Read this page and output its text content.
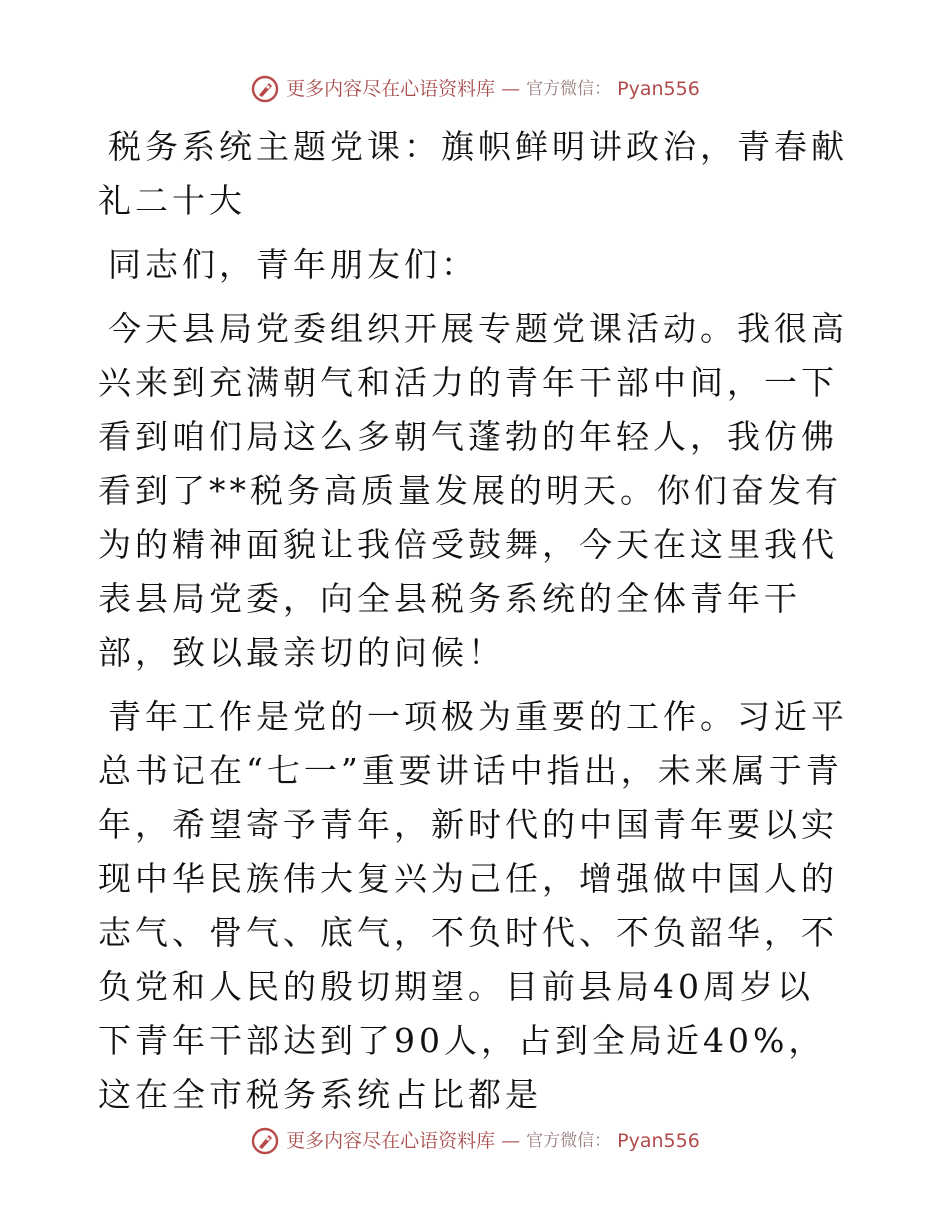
更多内容尽在心语资料库 — 官方微信： Pyan556

税务系统主题党课：旗帜鲜明讲政治，青春献礼二十大

同志们，青年朋友们：

今天县局党委组织开展专题党课活动。我很高兴来到充满朝气和活力的青年干部中间，一下看到咱们局这么多朝气蓬勃的年轻人，我仿佛看到了**税务高质量发展的明天。你们奋发有为的精神面貌让我倍受鼓舞，今天在这里我代表县局党委，向全县税务系统的全体青年干部，致以最亲切的问候！

青年工作是党的一项极为重要的工作。习近平总书记在“七一”重要讲话中指出，未来属于青年，希望寄予青年，新时代的中国青年要以实现中华民族伟大复兴为己任，增强做中国人的志气、骨气、底气，不负时代、不负韶华，不负党和人民的殷切期望。目前县局40周岁以下青年干部达到了90人，占到全局近40%，这在全市税务系统占比都是

更多内容尽在心语资料库 — 官方微信： Pyan556
